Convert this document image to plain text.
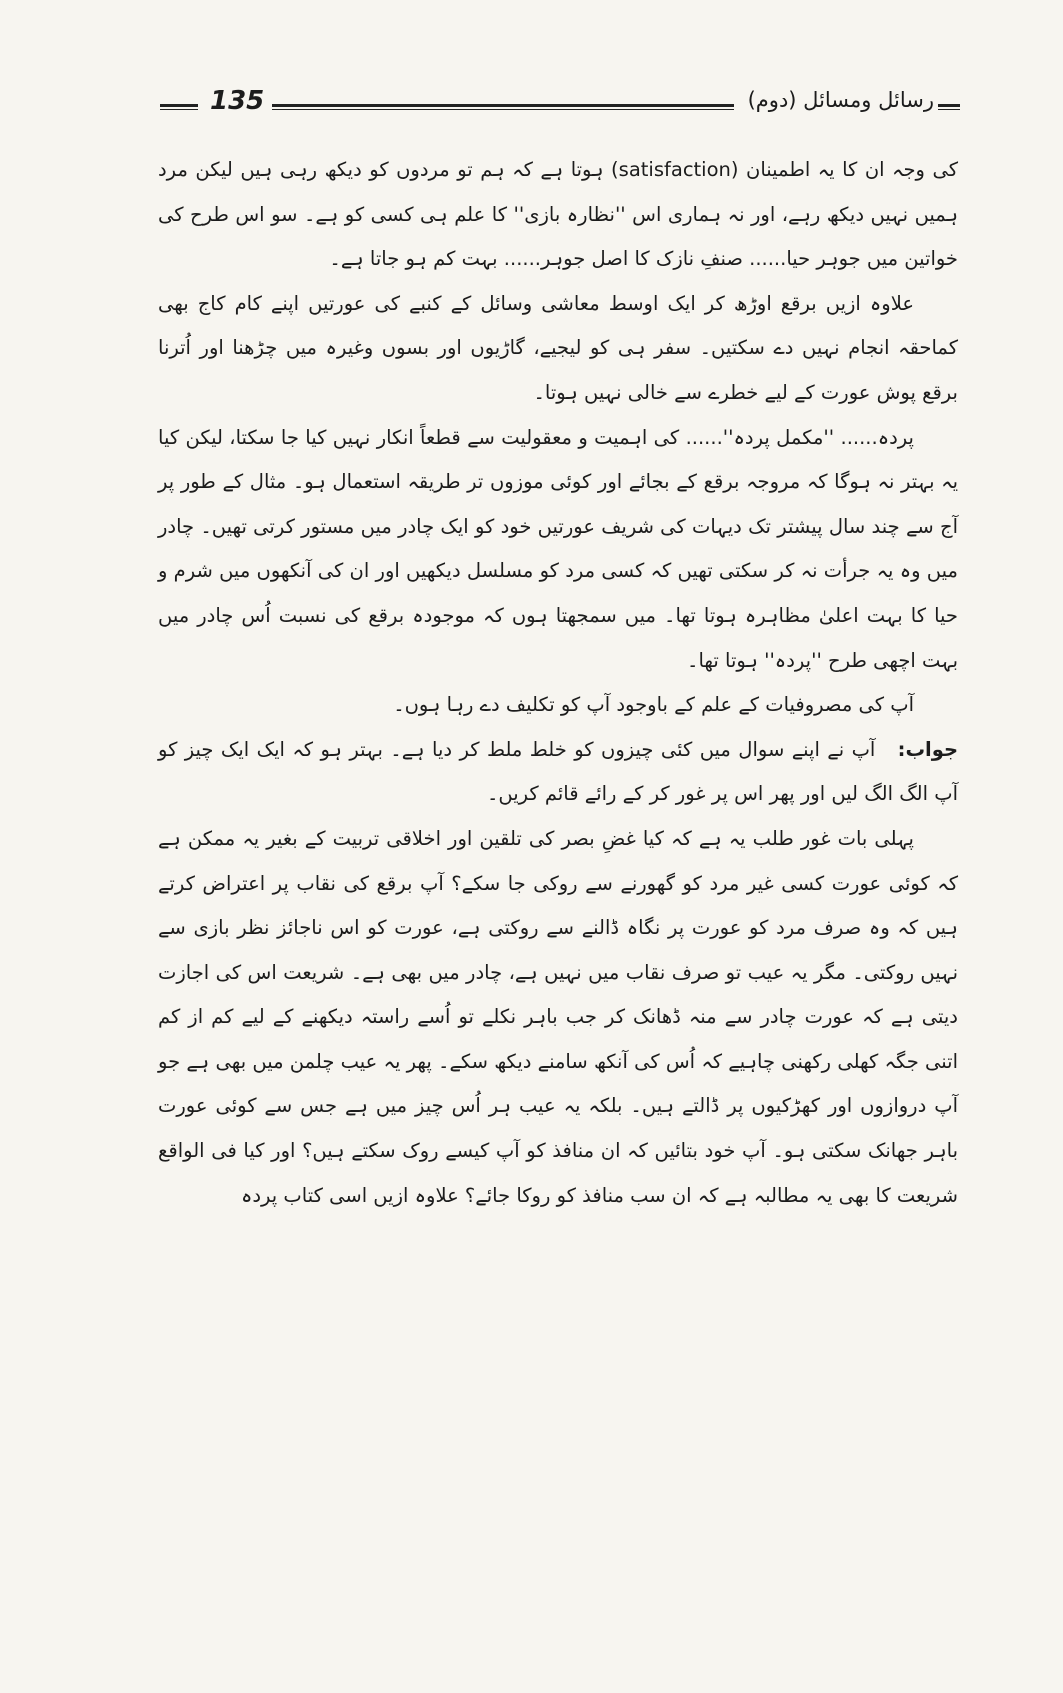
135	رسائل ومسائل (دوم)

کی وجہ ان کا یہ اطمینان (satisfaction) ہوتا ہے کہ ہم تو مردوں کو دیکھ رہی ہیں لیکن مرد ہمیں نہیں دیکھ رہے، اور نہ ہماری اس ''نظارہ بازی'' کا علم ہی کسی کو ہے۔ سو اس طرح کی خواتین میں جوہر حیا...... صنفِ نازک کا اصل جوہر...... بہت کم ہو جاتا ہے۔

علاوہ ازیں برقع اوڑھ کر ایک اوسط معاشی وسائل کے کنبے کی عورتیں اپنے کام کاج بھی کماحقہ انجام نہیں دے سکتیں۔ سفر ہی کو لیجیے، گاڑیوں اور بسوں وغیرہ میں چڑھنا اور اُترنا برقع پوش عورت کے لیے خطرے سے خالی نہیں ہوتا۔

پردہ...... ''مکمل پردہ''...... کی اہمیت و معقولیت سے قطعاً انکار نہیں کیا جا سکتا، لیکن کیا یہ بہتر نہ ہوگا کہ مروجہ برقع کے بجائے اور کوئی موزوں تر طریقہ استعمال ہو۔ مثال کے طور پر آج سے چند سال پیشتر تک دیہات کی شریف عورتیں خود کو ایک چادر میں مستور کرتی تھیں۔ چادر میں وہ یہ جرأت نہ کر سکتی تھیں کہ کسی مرد کو مسلسل دیکھیں اور ان کی آنکھوں میں شرم و حیا کا بہت اعلیٰ مظاہرہ ہوتا تھا۔ میں سمجھتا ہوں کہ موجودہ برقع کی نسبت اُس چادر میں بہت اچھی طرح ''پردہ'' ہوتا تھا۔

آپ کی مصروفیات کے علم کے باوجود آپ کو تکلیف دے رہا ہوں۔

جواب:   آپ نے اپنے سوال میں کئی چیزوں کو خلط ملط کر دیا ہے۔ بہتر ہو کہ ایک ایک چیز کو آپ الگ الگ لیں اور پھر اس پر غور کر کے رائے قائم کریں۔

پہلی بات غور طلب یہ ہے کہ کیا غضِ بصر کی تلقین اور اخلاقی تربیت کے بغیر یہ ممکن ہے کہ کوئی عورت کسی غیر مرد کو گھورنے سے روکی جا سکے؟ آپ برقع کی نقاب پر اعتراض کرتے ہیں کہ وہ صرف مرد کو عورت پر نگاہ ڈالنے سے روکتی ہے، عورت کو اس ناجائز نظر بازی سے نہیں روکتی۔ مگر یہ عیب تو صرف نقاب میں نہیں ہے، چادر میں بھی ہے۔ شریعت اس کی اجازت دیتی ہے کہ عورت چادر سے منہ ڈھانک کر جب باہر نکلے تو اُسے راستہ دیکھنے کے لیے کم از کم اتنی جگہ کھلی رکھنی چاہیے کہ اُس کی آنکھ سامنے دیکھ سکے۔ پھر یہ عیب چلمن میں بھی ہے جو آپ دروازوں اور کھڑکیوں پر ڈالتے ہیں۔ بلکہ یہ عیب ہر اُس چیز میں ہے جس سے کوئی عورت باہر جھانک سکتی ہو۔ آپ خود بتائیں کہ ان منافذ کو آپ کیسے روک سکتے ہیں؟ اور کیا فی الواقع شریعت کا بھی یہ مطالبہ ہے کہ ان سب منافذ کو روکا جائے؟ علاوہ ازیں اسی کتاب پردہ
